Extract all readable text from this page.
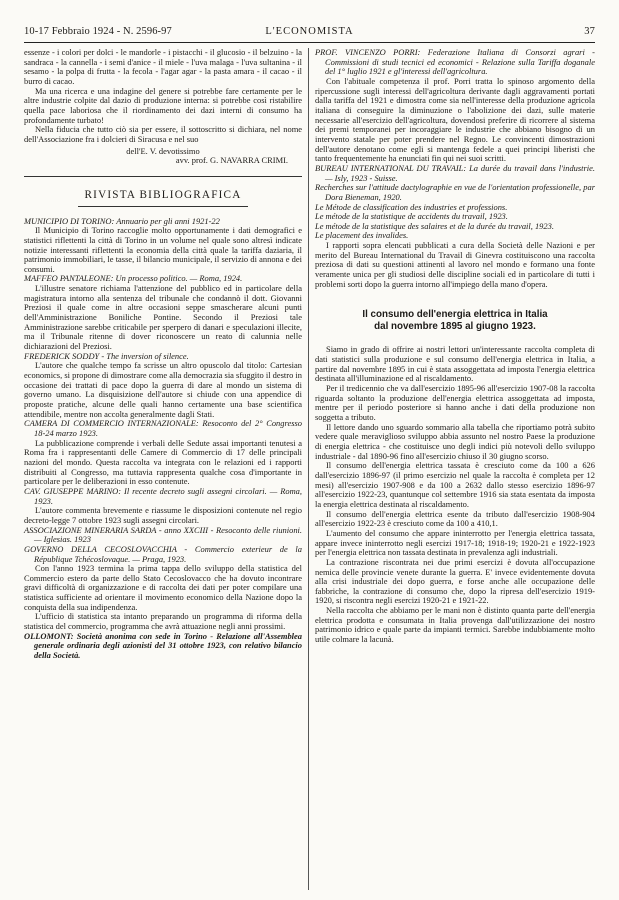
10-17 Febbraio 1924 - N. 2596-97	L'ECONOMISTA	37

essenze - i colori per dolci - le mandorle - i pistacchi - il glucosio - il belzuino - la sandraca - la cannella - i semi d'anice - il miele - l'uva malaga - l'uva sultanina - il sesamo - la polpa di frutta - la fecola - l'agar agar - la pasta amara - il cacao - il burro di cacao.

Ma una ricerca e una indagine del genere si potrebbe fare certamente per le altre industrie colpite dal dazio di produzione interna: si potrebbe così ristabilire quella pace laboriosa che il riordinamento dei dazi interni di consumo ha profondamente turbato!

Nella fiducia che tutto ciò sia per essere, il sottoscritto si dichiara, nel nome dell'Associazione fra i dolcieri di Siracusa e nel suo

dell'E. V. devotissimo
avv. prof. G. NAVARRA CRIMI.
RIVISTA BIBLIOGRAFICA

MUNICIPIO DI TORINO: Annuario per gli anni 1921-22

Il Municipio di Torino raccoglie molto opportunamente i dati demografici e statistici riflettenti la città di Torino in un volume nel quale sono altresì indicate notizie interessanti riflettenti la economia della città quale la tariffa daziaria, il patrimonio immobiliari, le tasse, il bilancio municipale, il servizio di annona e dei consumi.

MAFFEO PANTALEONE: Un processo politico. — Roma, 1924.

L'illustre senatore richiama l'attenzione del pubblico ed in particolare della magistratura intorno alla sentenza del tribunale che condannò il dott. Giovanni Preziosi il quale come in altre occasioni seppe smascherare alcuni punti dell'Amministrazione Boniliche Pontine. Secondo il Preziosi tale Amministrazione sarebbe criticabile per sperpero di danari e speculazioni illecite, ma il Tribunale ritenne di dover riconoscere un reato di calunnia nelle dichiarazioni del Preziosi.

FREDERICK SODDY - The inversion of silence.

L'autore che qualche tempo fa scrisse un altro opuscolo dal titolo: Cartesian economics, si propone di dimostrare come alla democrazia sia sfuggito il destro in occasione dei trattati di pace dopo la guerra di dare al mondo un sistema di governo umano. La disquisizione dell'autore si chiude con una appendice di proposte pratiche, alcune delle quali hanno certamente una base scientifica attendibile, mentre non accolta generalmente dagli Stati.

CAMERA DI COMMERCIO INTERNAZIONALE: Resoconto del 2° Congresso 18-24 marzo 1923.

La pubblicazione comprende i verbali delle Sedute assai importanti tenutesi a Roma fra i rappresentanti delle Camere di Commercio di 17 delle principali nazioni del mondo. Questa raccolta va integrata con le relazioni ed i rapporti distribuiti al Congresso, ma tuttavia rappresenta qualche cosa d'importante in particolare per le deliberazioni in esso contenute.

CAV. GIUSEPPE MARINO: Il recente decreto sugli assegni circolari. — Roma, 1923.

L'autore commenta brevemente e riassume le disposizioni contenute nel regio decreto-legge 7 ottobre 1923 sugli assegni circolari.

ASSOCIAZIONE MINERARIA SARDA - anno XXCIII - Resoconto delle riunioni. — Iglesias. 1923

GOVERNO DELLA CECOSLOVACCHIA - Commercio exterieur de la République Tchécoslovaque. — Praga, 1923.

Con l'anno 1923 termina la prima tappa dello sviluppo della statistica del Commercio estero da parte dello Stato Cecoslovacco che ha dovuto incontrare gravi difficoltà di organizzazione e di raccolta dei dati per poter compilare una statistica sufficiente ad orientare il movimento economico della Nazione dopo la conquista della sua indipendenza.

L'ufficio di statistica sta intanto preparando un programma di riforma della statistica del commercio, programma che avrà attuazione negli anni prossimi.

OLLOMONT: Società anonima con sede in Torino - Relazione all'Assemblea generale ordinaria degli azionisti del 31 ottobre 1923, con relativo bilancio della Società.

PROF. VINCENZO PORRI: Federazione Italiana di Consorzi agrari - Commissioni di studi tecnici ed economici - Relazione sulla Tariffa doganale del 1° luglio 1921 e gl'interessi dell'agricoltura.

Con l'abituale competenza il prof. Porri tratta lo spinoso argomento della ripercussione sugli interessi dell'agricoltura derivante dagli aggravamenti portati dalla tariffa del 1921 e dimostra come sia nell'interesse della produzione agricola italiana di conseguire la diminuzione o l'abolizione dei dazi, sulle materie necessarie all'esercizio dell'agricoltura, dovendosi preferire di ricorrere al sistema dei premi temporanei per incoraggiare le industrie che abbiano bisogno di un intervento statale per poter prendere nel Regno. Le convincenti dimostrazioni dell'autore denotano come egli si mantenga fedele a quei principi liberisti che tanto frequentemente ha enunciati fin qui nei suoi scritti.

BUREAU INTERNATIONAL DU TRAVAIL: La durée du travail dans l'industrie. — Isly, 1923 - Suisse.

Recherches sur l'attitude dactylographie en vue de l'orientation professionelle, par Dora Bieneman, 1920.

Le Métode de classification des industries et professions.

Le métode de la statistique de accidents du travail, 1923.

Le métode de la statistique des salaires et de la durée du travail, 1923.

Le placement des invalides.

I rapporti sopra elencati pubblicati a cura della Società delle Nazioni e per merito del Bureau International du Travail di Ginevra costituiscono una raccolta preziosa di dati su questioni attinenti al lavoro nel mondo e formano una fonte veramente unica per gli studiosi delle discipline sociali ed in particolare di tutti i problemi sorti dopo la guerra intorno all'impiego della mano d'opera.

Il consumo dell'energia elettrica in Italia
dal novembre 1895 al giugno 1923.

Siamo in grado di offrire ai nostri lettori un'interessante raccolta completa di dati statistici sulla produzione e sul consumo dell'energia elettrica in Italia, a partire dal novembre 1895 in cui è stata assoggettata ad imposta l'energia elettrica destinata all'illuminazione ed al riscaldamento.

Per il tredicennio che va dall'esercizio 1895-96 all'esercizio 1907-08 la raccolta riguarda soltanto la produzione dell'energia elettrica assoggettata ad imposta, mentre per il periodo posteriore si hanno anche i dati della produzione non soggetta a tributo.

Il lettore dando uno sguardo sommario alla tabella che riportiamo potrà subito vedere quale meraviglioso sviluppo abbia assunto nel nostro Paese la produzione di energia elettrica - che costituisce uno degli indici più notevoli dello sviluppo industriale - dal 1890-96 fino all'esercizio chiuso il 30 giugno scorso.

Il consumo dell'energia elettrica tassata è cresciuto come da 100 a 626 dall'esercizio 1896-97 (il primo esercizio nel quale la raccolta è completa per 12 mesi) all'esercizio 1907-908 e da 100 a 2632 dallo stesso esercizio 1896-97 all'esercizio 1922-23, quantunque col settembre 1916 sia stata esentata da imposta la energia elettrica destinata al riscaldamento.

Il consumo dell'energia elettrica esente da tributo dall'esercizio 1908-904 all'esercizio 1922-23 è cresciuto come da 100 a 410,1.

L'aumento del consumo che appare ininterrotto per l'energia elettrica tassata, appare invece ininterrotto negli esercizi 1917-18; 1918-19; 1920-21 e 1922-1923 per l'energia elettrica non tassata destinata in prevalenza agli industriali.

La contrazione riscontrata nei due primi esercizi è dovuta all'occupazione nemica delle provincie venete durante la guerra. E' invece evidentemente dovuta alla crisi industriale dei dopo guerra, e forse anche alle occupazione delle fabbriche, la contrazione di consumo che, dopo la ripresa dell'esercizio 1919-1920, si riscontra negli esercizi 1920-21 e 1921-22.

Nella raccolta che abbiamo per le mani non è distinto quanta parte dell'energia elettrica prodotta e consumata in Italia provenga dall'utilizzazione dei nostro patrimonio idrico e quale parte da impianti termici. Sarebbe indubbiamente molto utile colmare la lacunà.
